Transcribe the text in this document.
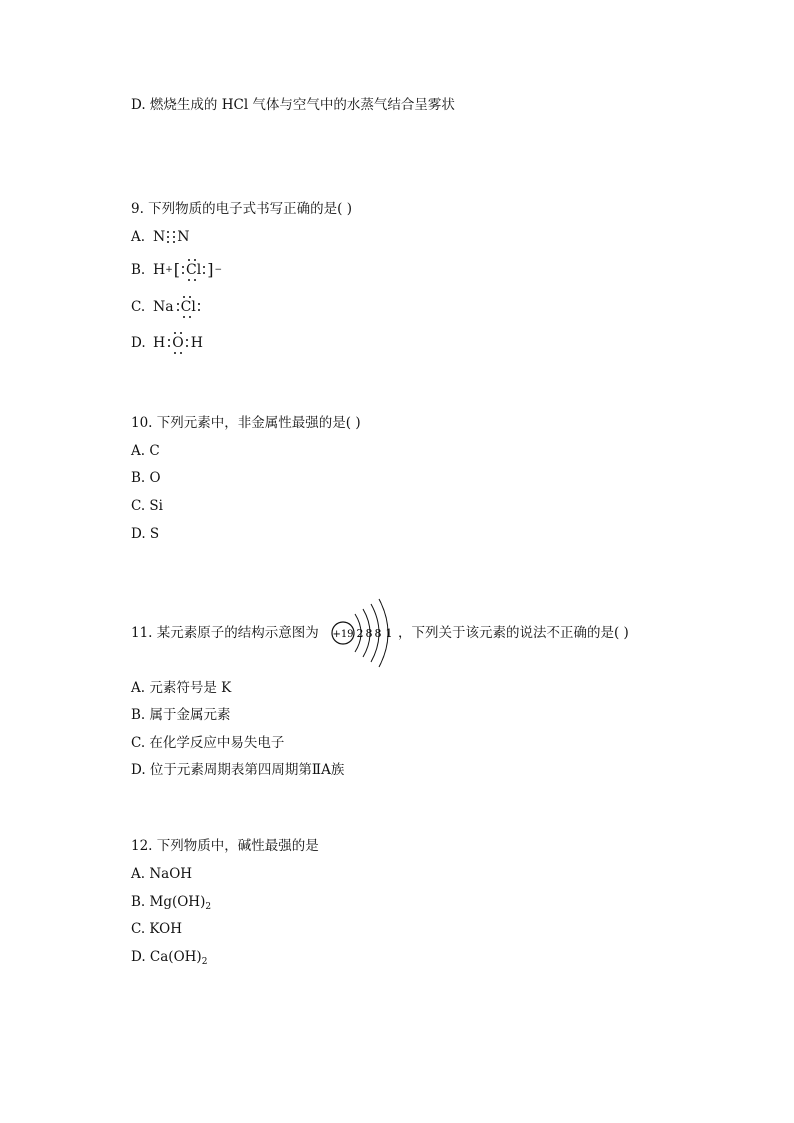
D. 燃烧生成的 HCl 气体与空气中的水蒸气结合呈雾状
9. 下列物质的电子式书写正确的是( )
A. N N
B. H + [ Cl ] −
C. Na Cl
D. H O H
10. 下列元素中，非金属性最强的是( )
A. C
B. O
C. Si
D. S
11. 某元素原子的结构示意图为 +19 2 8 8 1 ，下列关于该元素的说法不正确的是( )
A. 元素符号是 K
B. 属于金属元素
C. 在化学反应中易失电子
D. 位于元素周期表第四周期第ⅡA族
12. 下列物质中，碱性最强的是
A. NaOH
B. $Mg(OH)_2$
C. KOH
D. $Ca(OH)_2$
